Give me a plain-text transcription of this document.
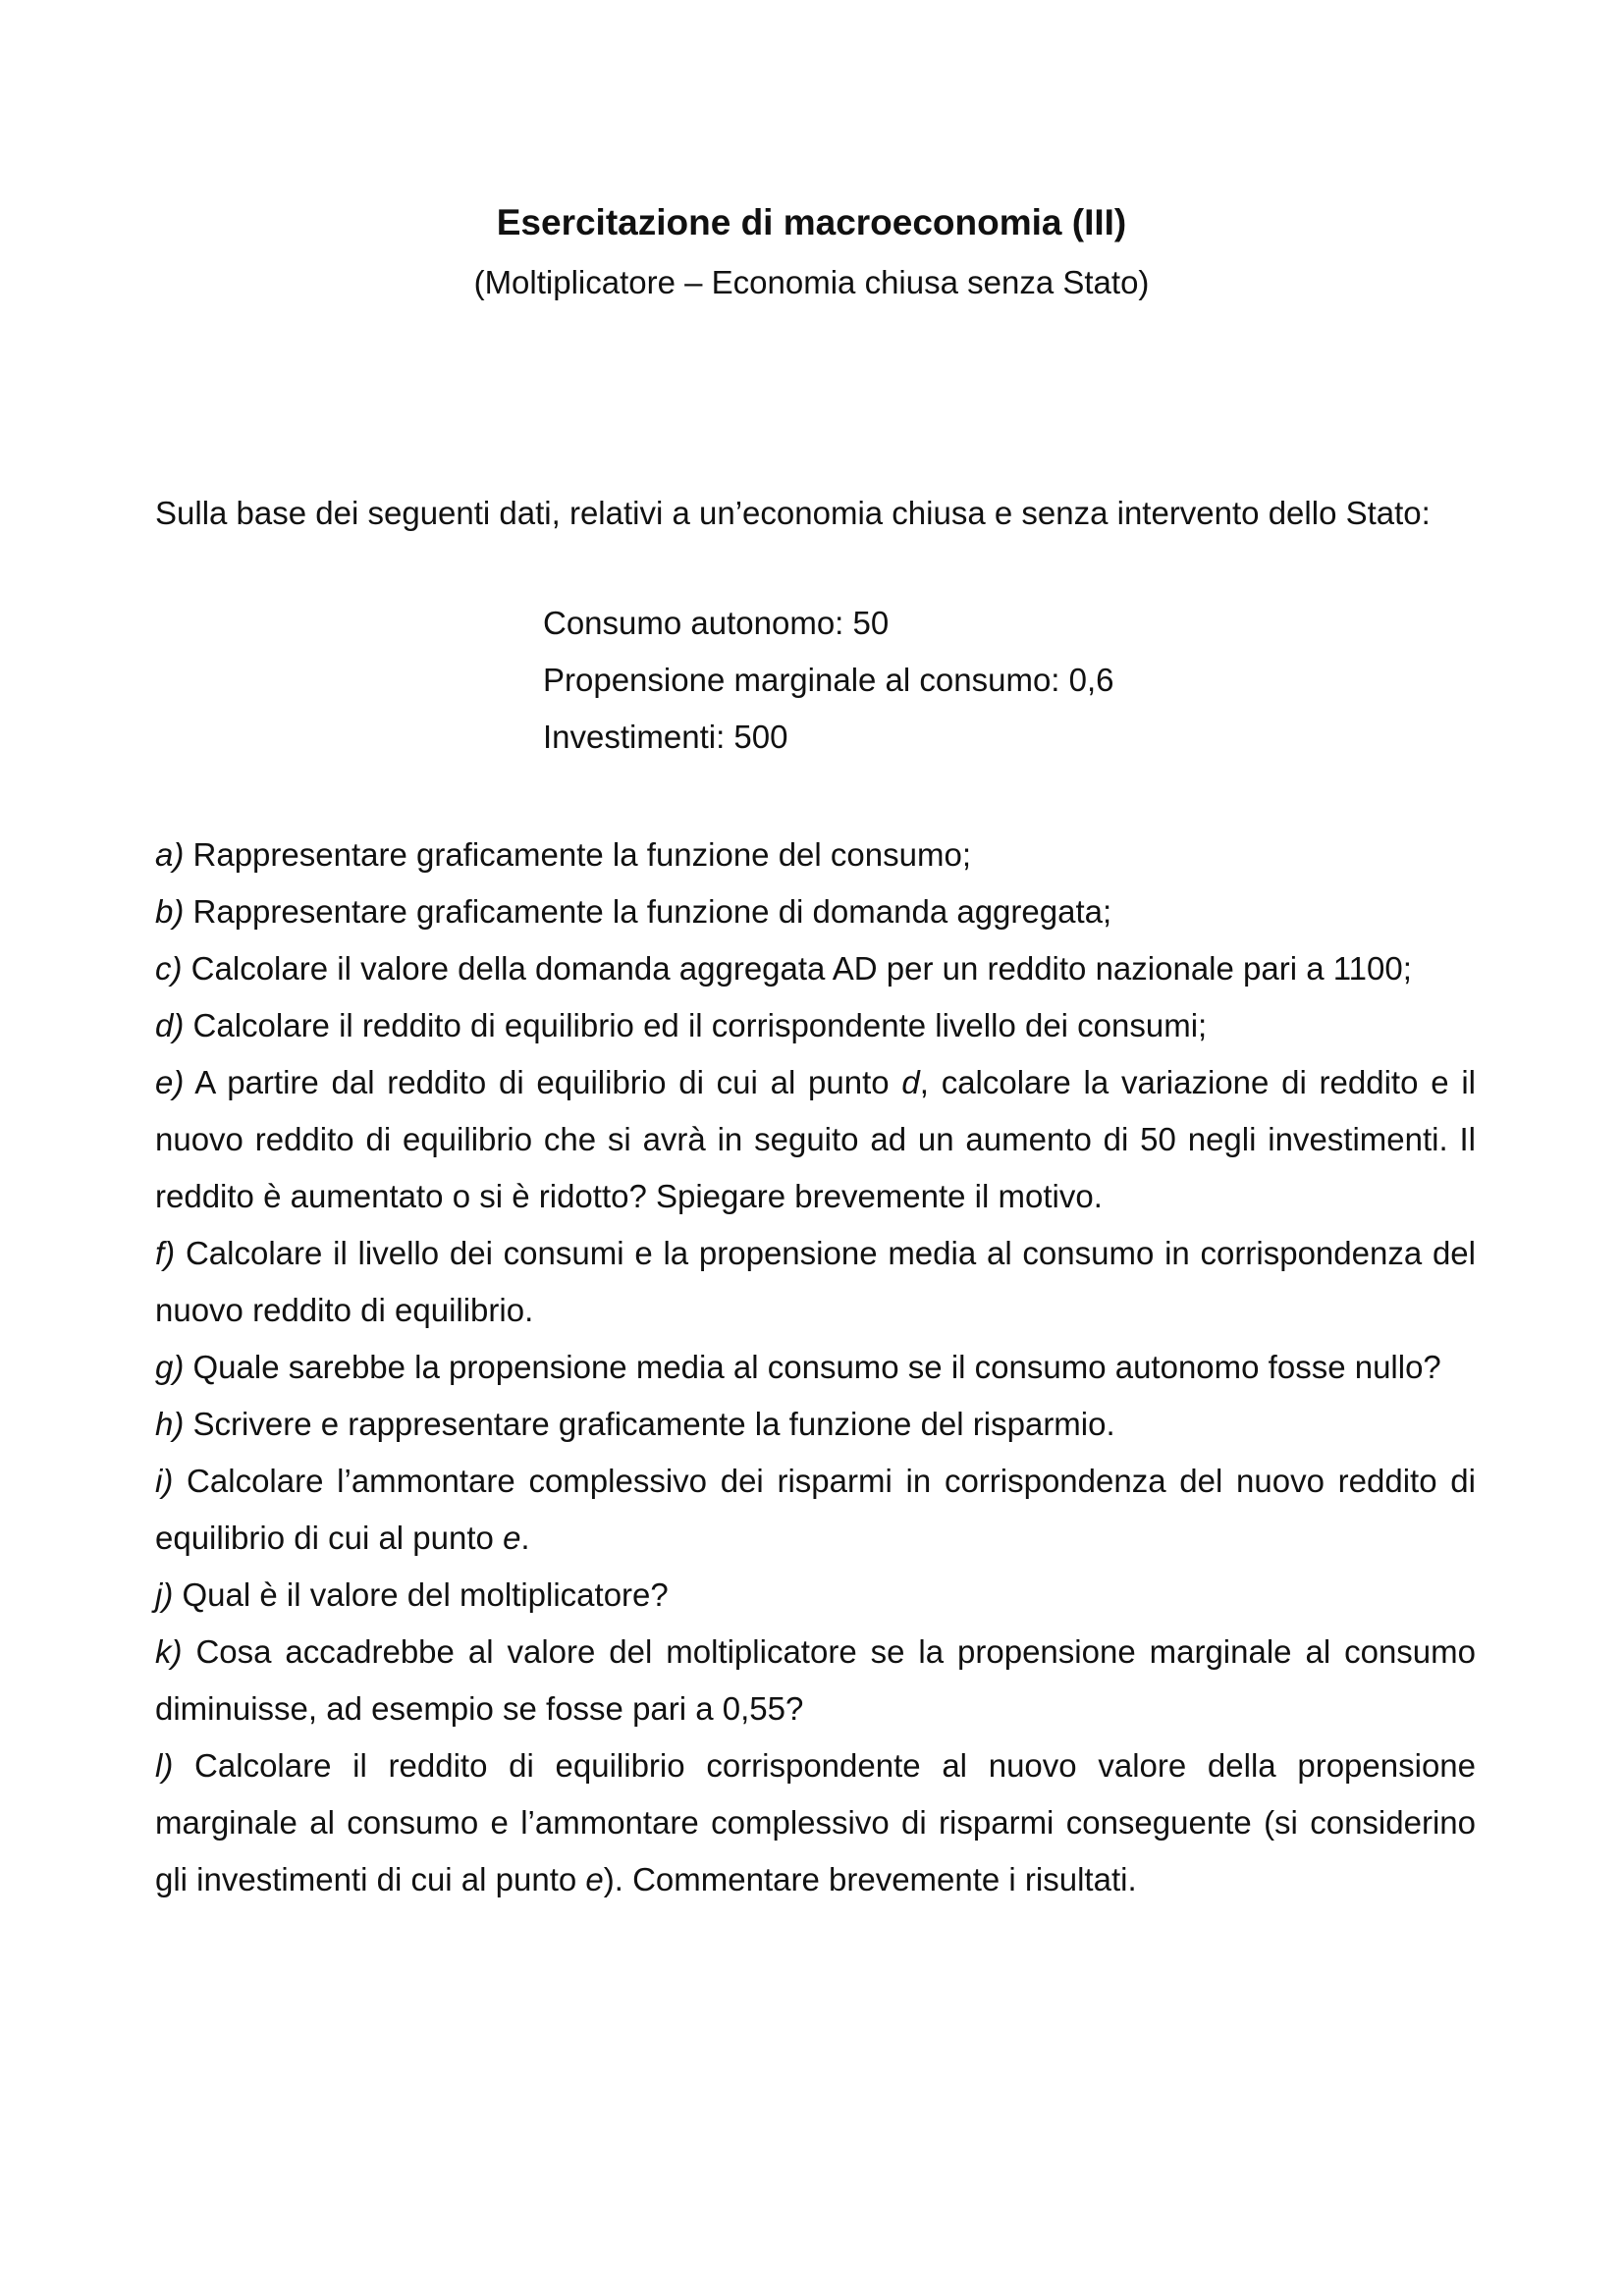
Esercitazione di macroeconomia (III)
(Moltiplicatore – Economia chiusa senza Stato)
Sulla base dei seguenti dati, relativi a un’economia chiusa e senza intervento dello Stato:
Consumo autonomo: 50
Propensione marginale al consumo: 0,6
Investimenti: 500
a) Rappresentare graficamente la funzione del consumo;
b) Rappresentare graficamente la funzione di domanda aggregata;
c) Calcolare il valore della domanda aggregata AD per un reddito nazionale pari a 1100;
d) Calcolare il reddito di equilibrio ed il corrispondente livello dei consumi;
e) A partire dal reddito di equilibrio di cui al punto d, calcolare la variazione di reddito e il nuovo reddito di equilibrio che si avrà in seguito ad un aumento di 50 negli investimenti. Il reddito è aumentato o si è ridotto? Spiegare brevemente il motivo.
f) Calcolare il livello dei consumi e la propensione media al consumo in corrispondenza del nuovo reddito di equilibrio.
g) Quale sarebbe la propensione media al consumo se il consumo autonomo fosse nullo?
h) Scrivere e rappresentare graficamente la funzione del risparmio.
i) Calcolare l’ammontare complessivo dei risparmi in corrispondenza del nuovo reddito di equilibrio di cui al punto e.
j) Qual è il valore del moltiplicatore?
k) Cosa accadrebbe al valore del moltiplicatore se la propensione marginale al consumo diminuisse, ad esempio se fosse pari a 0,55?
l) Calcolare il reddito di equilibrio corrispondente al nuovo valore della propensione marginale al consumo e l’ammontare complessivo di risparmi conseguente (si considerino gli investimenti di cui al punto e). Commentare brevemente i risultati.
